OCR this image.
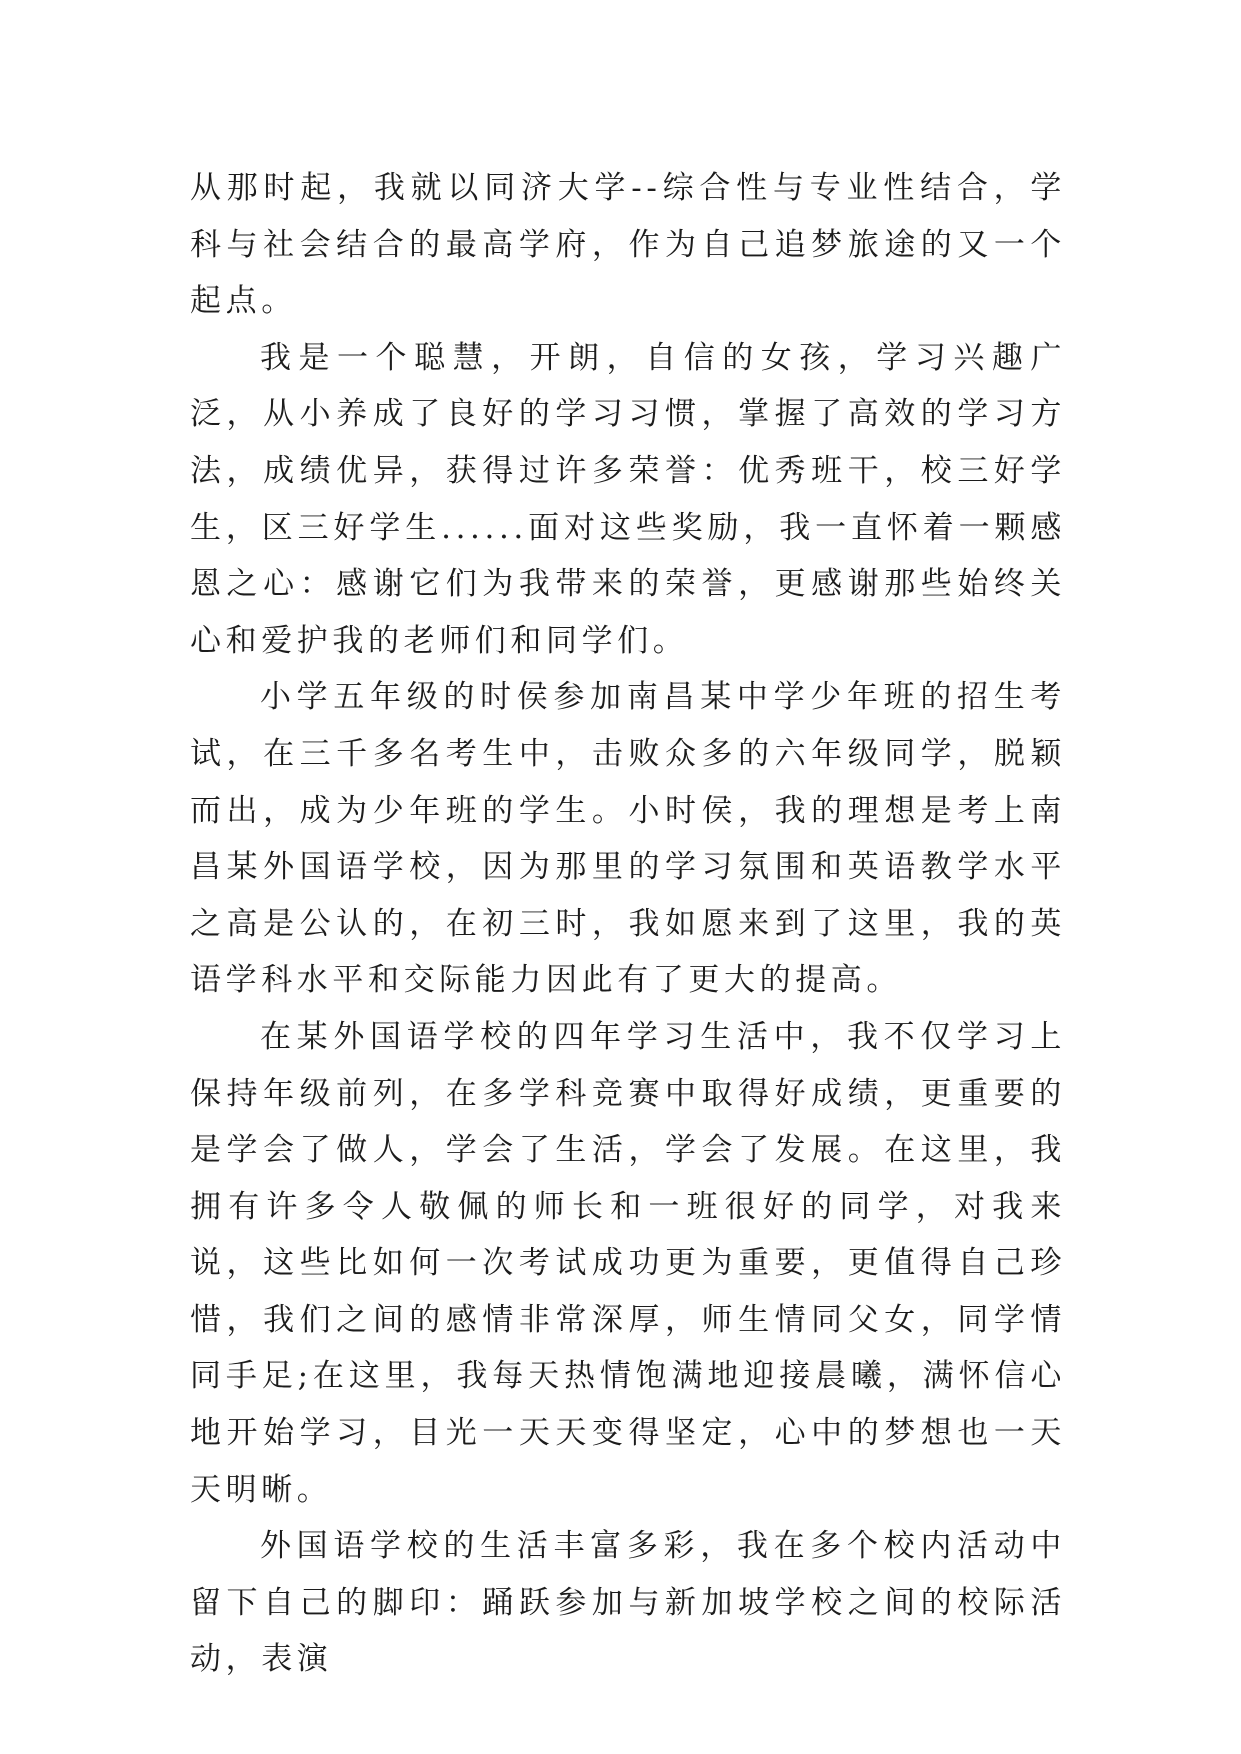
从那时起，我就以同济大学--综合性与专业性结合，学科与社会结合的最高学府，作为自己追梦旅途的又一个起点。

我是一个聪慧，开朗，自信的女孩，学习兴趣广泛，从小养成了良好的学习习惯，掌握了高效的学习方法，成绩优异，获得过许多荣誉：优秀班干，校三好学生，区三好学生......面对这些奖励，我一直怀着一颗感恩之心：感谢它们为我带来的荣誉，更感谢那些始终关心和爱护我的老师们和同学们。

小学五年级的时侯参加南昌某中学少年班的招生考试，在三千多名考生中，击败众多的六年级同学，脱颖而出，成为少年班的学生。小时侯，我的理想是考上南昌某外国语学校，因为那里的学习氛围和英语教学水平之高是公认的，在初三时，我如愿来到了这里，我的英语学科水平和交际能力因此有了更大的提高。

在某外国语学校的四年学习生活中，我不仅学习上保持年级前列，在多学科竞赛中取得好成绩，更重要的是学会了做人，学会了生活，学会了发展。在这里，我拥有许多令人敬佩的师长和一班很好的同学，对我来说，这些比如何一次考试成功更为重要，更值得自己珍惜，我们之间的感情非常深厚，师生情同父女，同学情同手足;在这里，我每天热情饱满地迎接晨曦，满怀信心地开始学习，目光一天天变得坚定，心中的梦想也一天天明晰。

外国语学校的生活丰富多彩，我在多个校内活动中留下自己的脚印：踊跃参加与新加坡学校之间的校际活动，表演
